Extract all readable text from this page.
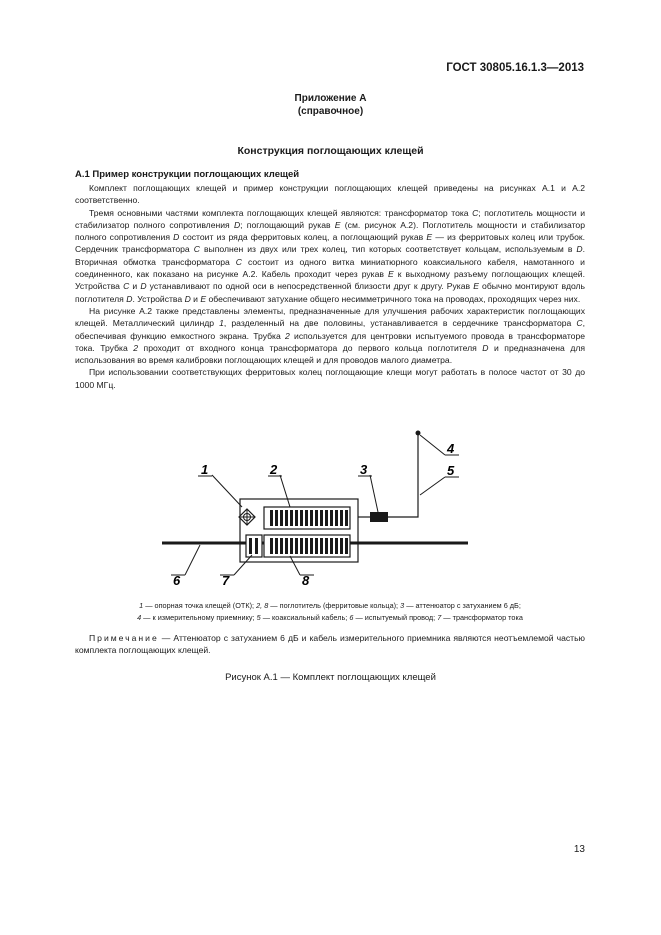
ГОСТ 30805.16.1.3—2013
Приложение А
(справочное)
Конструкция поглощающих клещей
А.1 Пример конструкции поглощающих клещей

Комплект поглощающих клещей и пример конструкции поглощающих клещей приведены на рисунках А.1 и А.2 соответственно.

Тремя основными частями комплекта поглощающих клещей являются: трансформатор тока C; поглотитель мощности и стабилизатор полного сопротивления D; поглощающий рукав E (см. рисунок А.2). Поглотитель мощности и стабилизатор полного сопротивления D состоит из ряда ферритовых колец, а поглощающий рукав E — из ферритовых колец или трубок. Сердечник трансформатора C выполнен из двух или трех колец, тип которых соответствует кольцам, используемым в D. Вторичная обмотка трансформатора C состоит из одного витка миниатюрного коаксиального кабеля, намотанного и соединенного, как показано на рисунке А.2. Кабель проходит через рукав E к выходному разъему поглощающих клещей. Устройства C и D устанавливают по одной оси в непосредственной близости друг к другу. Рукав E обычно монтируют вдоль поглотителя D. Устройства D и E обеспечивают затухание общего несимметричного тока на проводах, проходящих через них.

На рисунке А.2 также представлены элементы, предназначенные для улучшения рабочих характеристик поглощающих клещей. Металлический цилиндр 1, разделенный на две половины, устанавливается в сердечнике трансформатора C, обеспечивая функцию емкостного экрана. Трубка 2 используется для центровки испытуемого провода в трансформаторе тока. Трубка 2 проходит от входного конца трансформатора до первого кольца поглотителя D и предназначена для использования во время калибровки поглощающих клещей и для проводов малого диаметра.

При использовании соответствующих ферритовых колец поглощающие клещи могут работать в полосе частот от 30 до 1000 МГц.

1	2	3
4
5
6	7	8
1 — опорная точка клещей (ОТК); 2, 8 — поглотитель (ферритовые кольца); 3 — аттенюатор с затуханием 6 дБ;
4 — к измерительному приемнику; 5 — коаксиальный кабель; 6 — испытуемый провод; 7 — трансформатор тока
Примечание — Аттенюатор с затуханием 6 дБ и кабель измерительного приемника являются неотъемлемой частью комплекта поглощающих клещей.
Рисунок А.1 — Комплект поглощающих клещей
13
